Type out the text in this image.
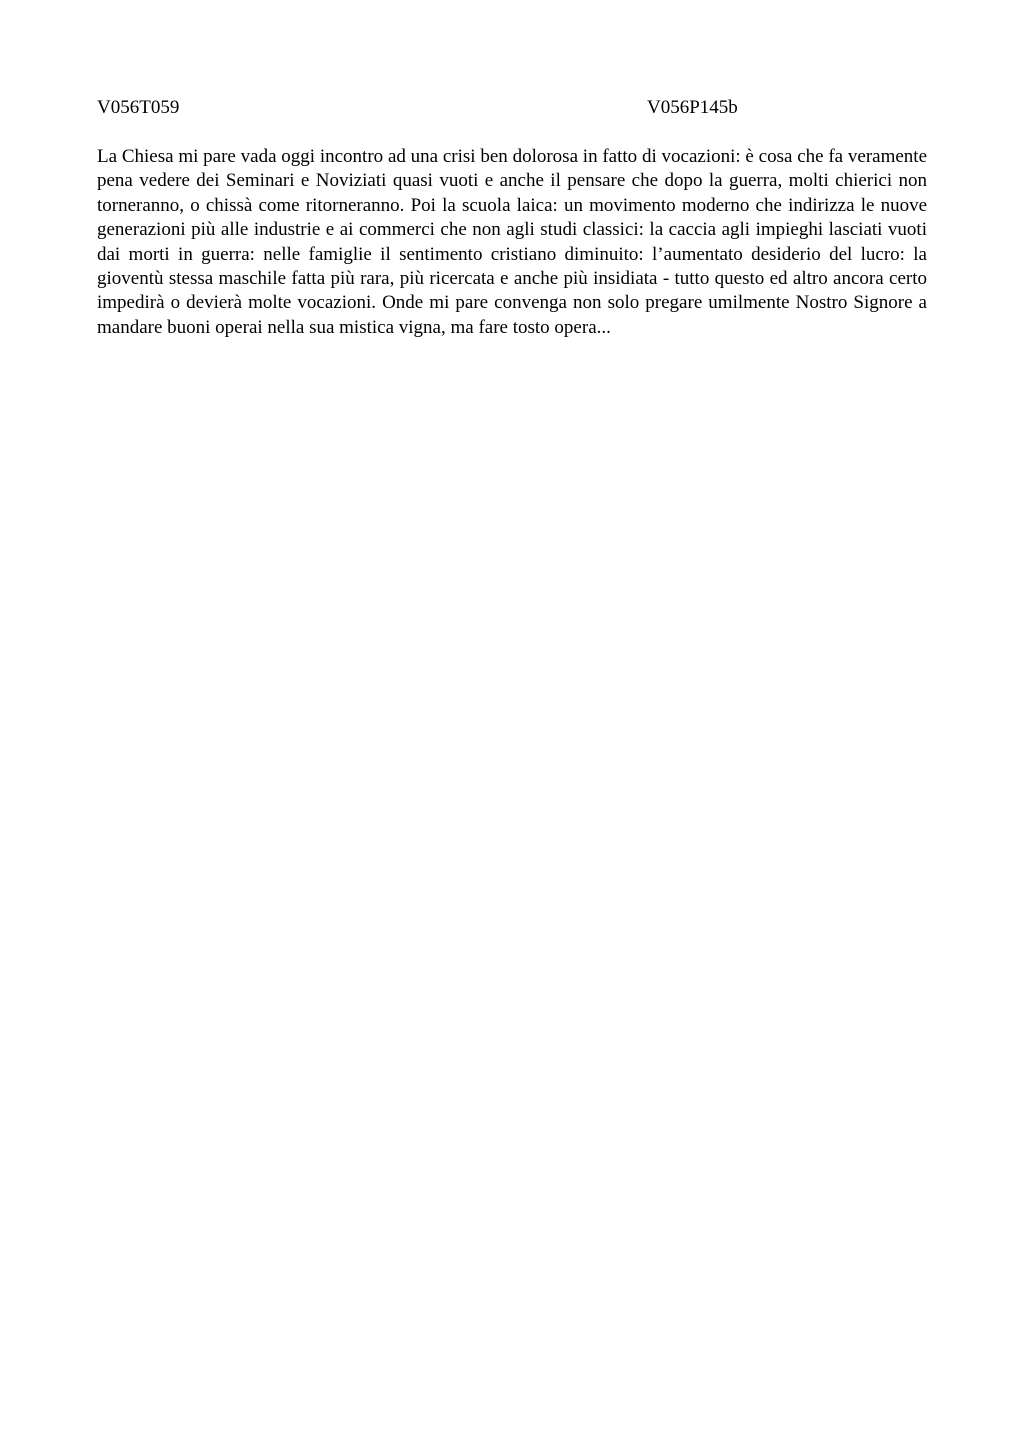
V056T059	V056P145b

La Chiesa mi pare vada oggi incontro ad una crisi ben dolorosa in fatto di vocazioni: è cosa che fa veramente pena vedere dei Seminari e Noviziati quasi vuoti e anche il pensare che dopo la guerra, molti chierici non torneranno, o chissà come ritorneranno. Poi la scuola laica: un movimento moderno che indirizza le nuove generazioni più alle industrie e ai commerci che non agli studi classici: la caccia agli impieghi lasciati vuoti dai morti in guerra: nelle famiglie il sentimento cristiano diminuito: l’aumentato desiderio del lucro: la gioventù stessa maschile fatta più rara, più ricercata e anche più insidiata - tutto questo ed altro ancora certo impedirà o devierà molte vocazioni. Onde mi pare convenga non solo pregare umilmente Nostro Signore a mandare buoni operai nella sua mistica vigna, ma fare tosto opera...
